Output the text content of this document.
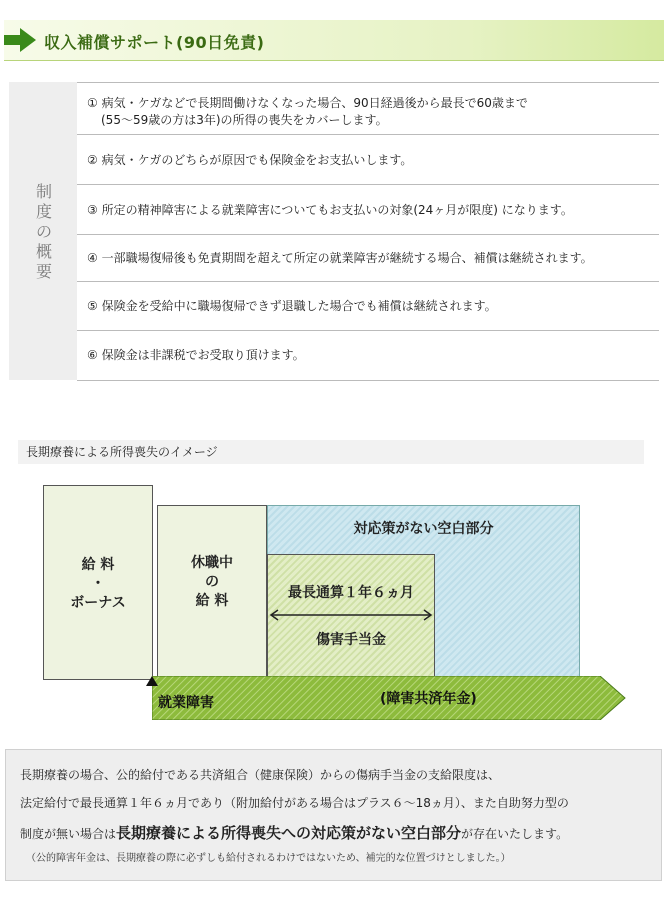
収入補償サポート(90日免責)
制度の概要
① 病気・ケガなどで長期間働けなくなった場合、90日経過後から最長で60歳まで
(55〜59歳の方は3年)の所得の喪失をカバーします。
② 病気・ケガのどちらが原因でも保険金をお支払いします。
③ 所定の精神障害による就業障害についてもお支払いの対象(24ヶ月が限度) になります。
④ 一部職場復帰後も免責期間を超えて所定の就業障害が継続する場合、補償は継続されます。
⑤ 保険金を受給中に職場復帰できず退職した場合でも補償は継続されます。
⑥ 保険金は非課税でお受取り頂けます。
長期療養による所得喪失のイメージ
給 料
・
ボーナス
休職中
の
給 料
対応策がない空白部分
最長通算１年６ヵ月
傷害手当金
就業障害	(障害共済年金)
長期療養の場合、公的給付である共済組合（健康保険）からの傷病手当金の支給限度は、
法定給付で最長通算１年６ヵ月であり（附加給付がある場合はプラス６〜18ヵ月）、また自助努力型の
制度が無い場合は長期療養による所得喪失への対応策がない空白部分が存在いたします。
（公的障害年金は、長期療養の際に必ずしも給付されるわけではないため、補完的な位置づけとしました。）
